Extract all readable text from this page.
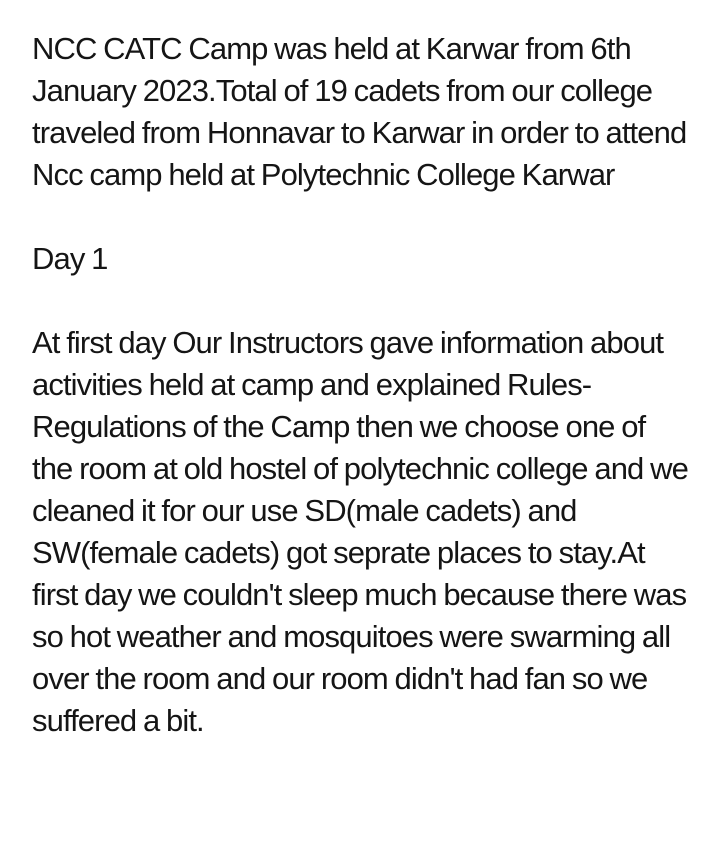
NCC CATC Camp was held at Karwar from 6th January 2023.Total of 19 cadets from our college traveled from Honnavar to Karwar in order to attend Ncc camp held at Polytechnic College Karwar

Day 1

At first day Our Instructors gave information about activities held at camp and explained Rules-Regulations of the Camp then we choose one of the room at old hostel of polytechnic college and we cleaned it for our use SD(male cadets) and SW(female cadets) got seprate places to stay.At first day we couldn't sleep much because there was so hot weather and mosquitoes were swarming all over the room and our room didn't had fan so we suffered a bit.
